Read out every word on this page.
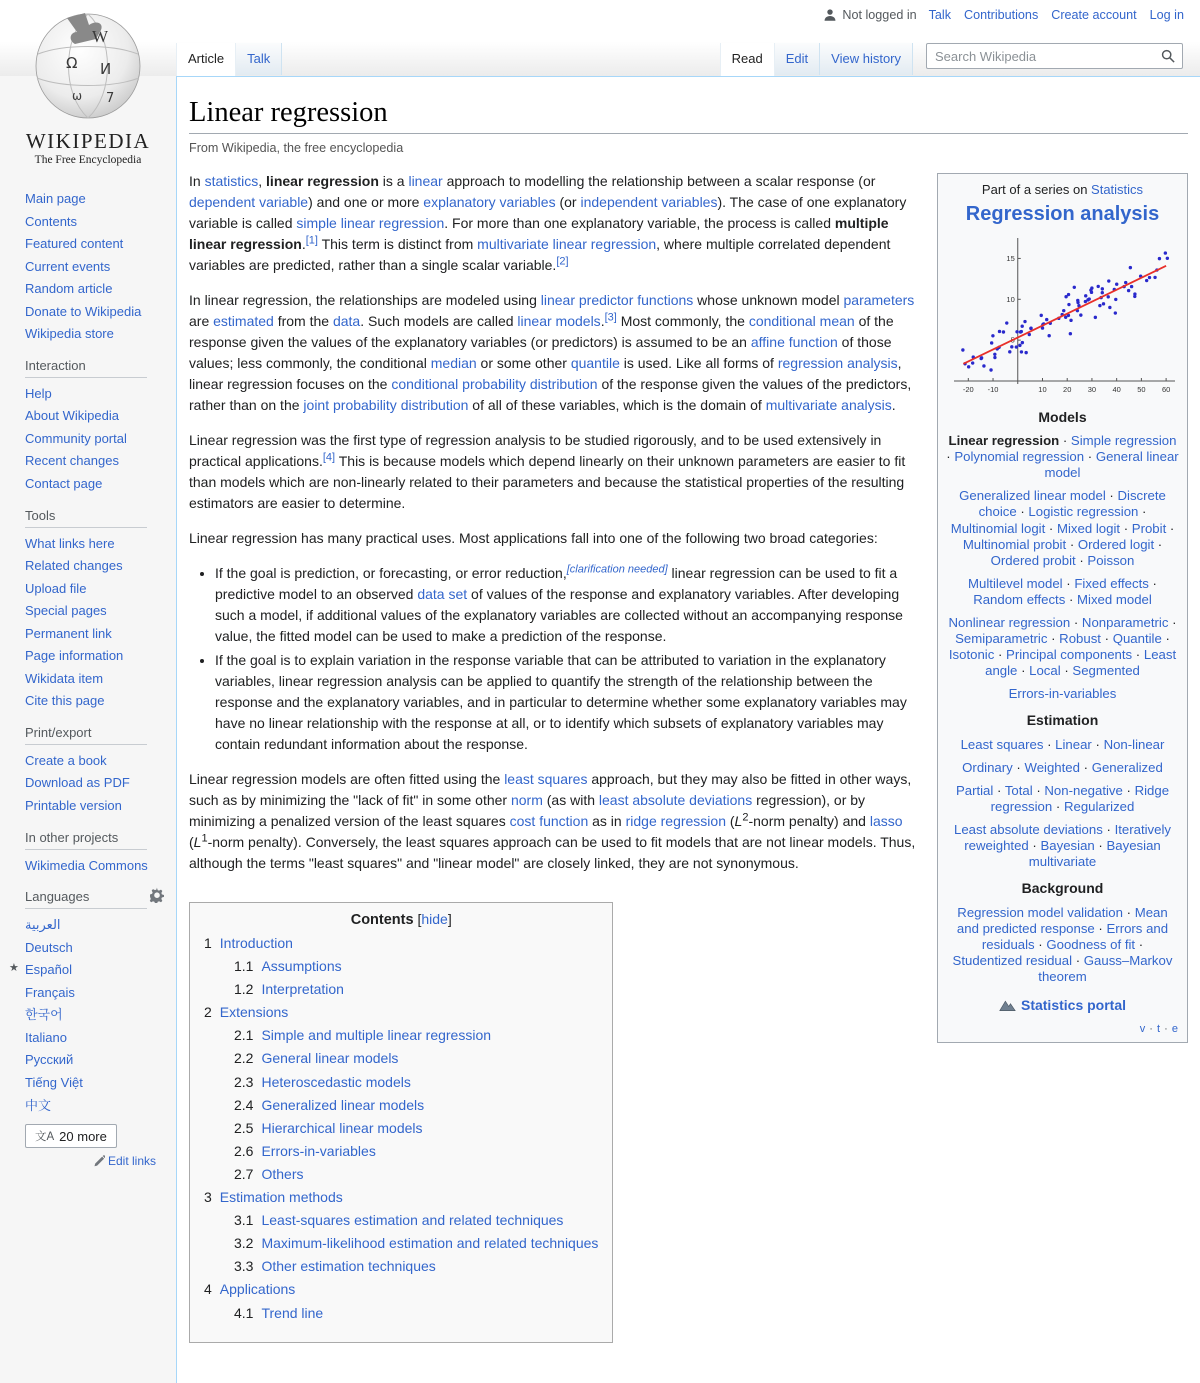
Not logged in Talk Contributions Create account Log in
W
Ω И
7
ω
WIKIPEDIA
The Free Encyclopedia
Main page
Contents
Featured content
Current events
Random article
Donate to Wikipedia
Wikipedia store
Interaction
Help
About Wikipedia
Community portal
Recent changes
Contact page
Tools
What links here
Related changes
Upload file
Special pages
Permanent link
Page information
Wikidata item
Cite this page
Print/export
Create a book
Download as PDF
Printable version
In other projects
Wikimedia Commons
Languages
العربية
Deutsch
★ Español
Français
한국어
Italiano
Русский
Tiếng Việt
中文
文A 20 more
Edit links
Article	Talk	Read	Edit	View history
Search Wikipedia
Linear regression
From Wikipedia, the free encyclopedia
Part of a series on Statistics
Regression analysis
-20 -10	10 20 30 40 50 60
10
15
Models
Linear regression · Simple regression · Polynomial regression · General linear model
Generalized linear model · Discrete choice · Logistic regression · Multinomial logit · Mixed logit · Probit · Multinomial probit · Ordered logit · Ordered probit · Poisson
Multilevel model · Fixed effects · Random effects · Mixed model
Nonlinear regression · Nonparametric · Semiparametric · Robust · Quantile · Isotonic · Principal components · Least angle · Local · Segmented
Errors-in-variables
Estimation
Least squares · Linear · Non-linear
Ordinary · Weighted · Generalized
Partial · Total · Non-negative · Ridge regression · Regularized
Least absolute deviations · Iteratively reweighted · Bayesian · Bayesian multivariate
Background
Regression model validation · Mean and predicted response · Errors and residuals · Goodness of fit · Studentized residual · Gauss–Markov theorem
Statistics portal
v · t · e

In statistics, linear regression is a linear approach to modelling the relationship between a scalar response (or dependent variable) and one or more explanatory variables (or independent variables). The case of one explanatory variable is called simple linear regression. For more than one explanatory variable, the process is called multiple linear regression.[1] This term is distinct from multivariate linear regression, where multiple correlated dependent variables are predicted, rather than a single scalar variable.[2]

In linear regression, the relationships are modeled using linear predictor functions whose unknown model parameters are estimated from the data. Such models are called linear models.[3] Most commonly, the conditional mean of the response given the values of the explanatory variables (or predictors) is assumed to be an affine function of those values; less commonly, the conditional median or some other quantile is used. Like all forms of regression analysis, linear regression focuses on the conditional probability distribution of the response given the values of the predictors, rather than on the joint probability distribution of all of these variables, which is the domain of multivariate analysis.

Linear regression was the first type of regression analysis to be studied rigorously, and to be used extensively in practical applications.[4] This is because models which depend linearly on their unknown parameters are easier to fit than models which are non-linearly related to their parameters and because the statistical properties of the resulting estimators are easier to determine.

Linear regression has many practical uses. Most applications fall into one of the following two broad categories:

• If the goal is prediction, or forecasting, or error reduction,[clarification needed] linear regression can be used to fit a predictive model to an observed data set of values of the response and explanatory variables. After developing such a model, if additional values of the explanatory variables are collected without an accompanying response value, the fitted model can be used to make a prediction of the response.
• If the goal is to explain variation in the response variable that can be attributed to variation in the explanatory variables, linear regression analysis can be applied to quantify the strength of the relationship between the response and the explanatory variables, and in particular to determine whether some explanatory variables may have no linear relationship with the response at all, or to identify which subsets of explanatory variables may contain redundant information about the response.

Linear regression models are often fitted using the least squares approach, but they may also be fitted in other ways, such as by minimizing the "lack of fit" in some other norm (as with least absolute deviations regression), or by minimizing a penalized version of the least squares cost function as in ridge regression ($L^2$-norm penalty) and lasso ($L^1$-norm penalty). Conversely, the least squares approach can be used to fit models that are not linear models. Thus, although the terms "least squares" and "linear model" are closely linked, they are not synonymous.

Contents [hide]
1 Introduction
1.1 Assumptions
1.2 Interpretation
2 Extensions
2.1 Simple and multiple linear regression
2.2 General linear models
2.3 Heteroscedastic models
2.4 Generalized linear models
2.5 Hierarchical linear models
2.6 Errors-in-variables
2.7 Others
3 Estimation methods
3.1 Least-squares estimation and related techniques
3.2 Maximum-likelihood estimation and related techniques
3.3 Other estimation techniques
4 Applications
4.1 Trend line
